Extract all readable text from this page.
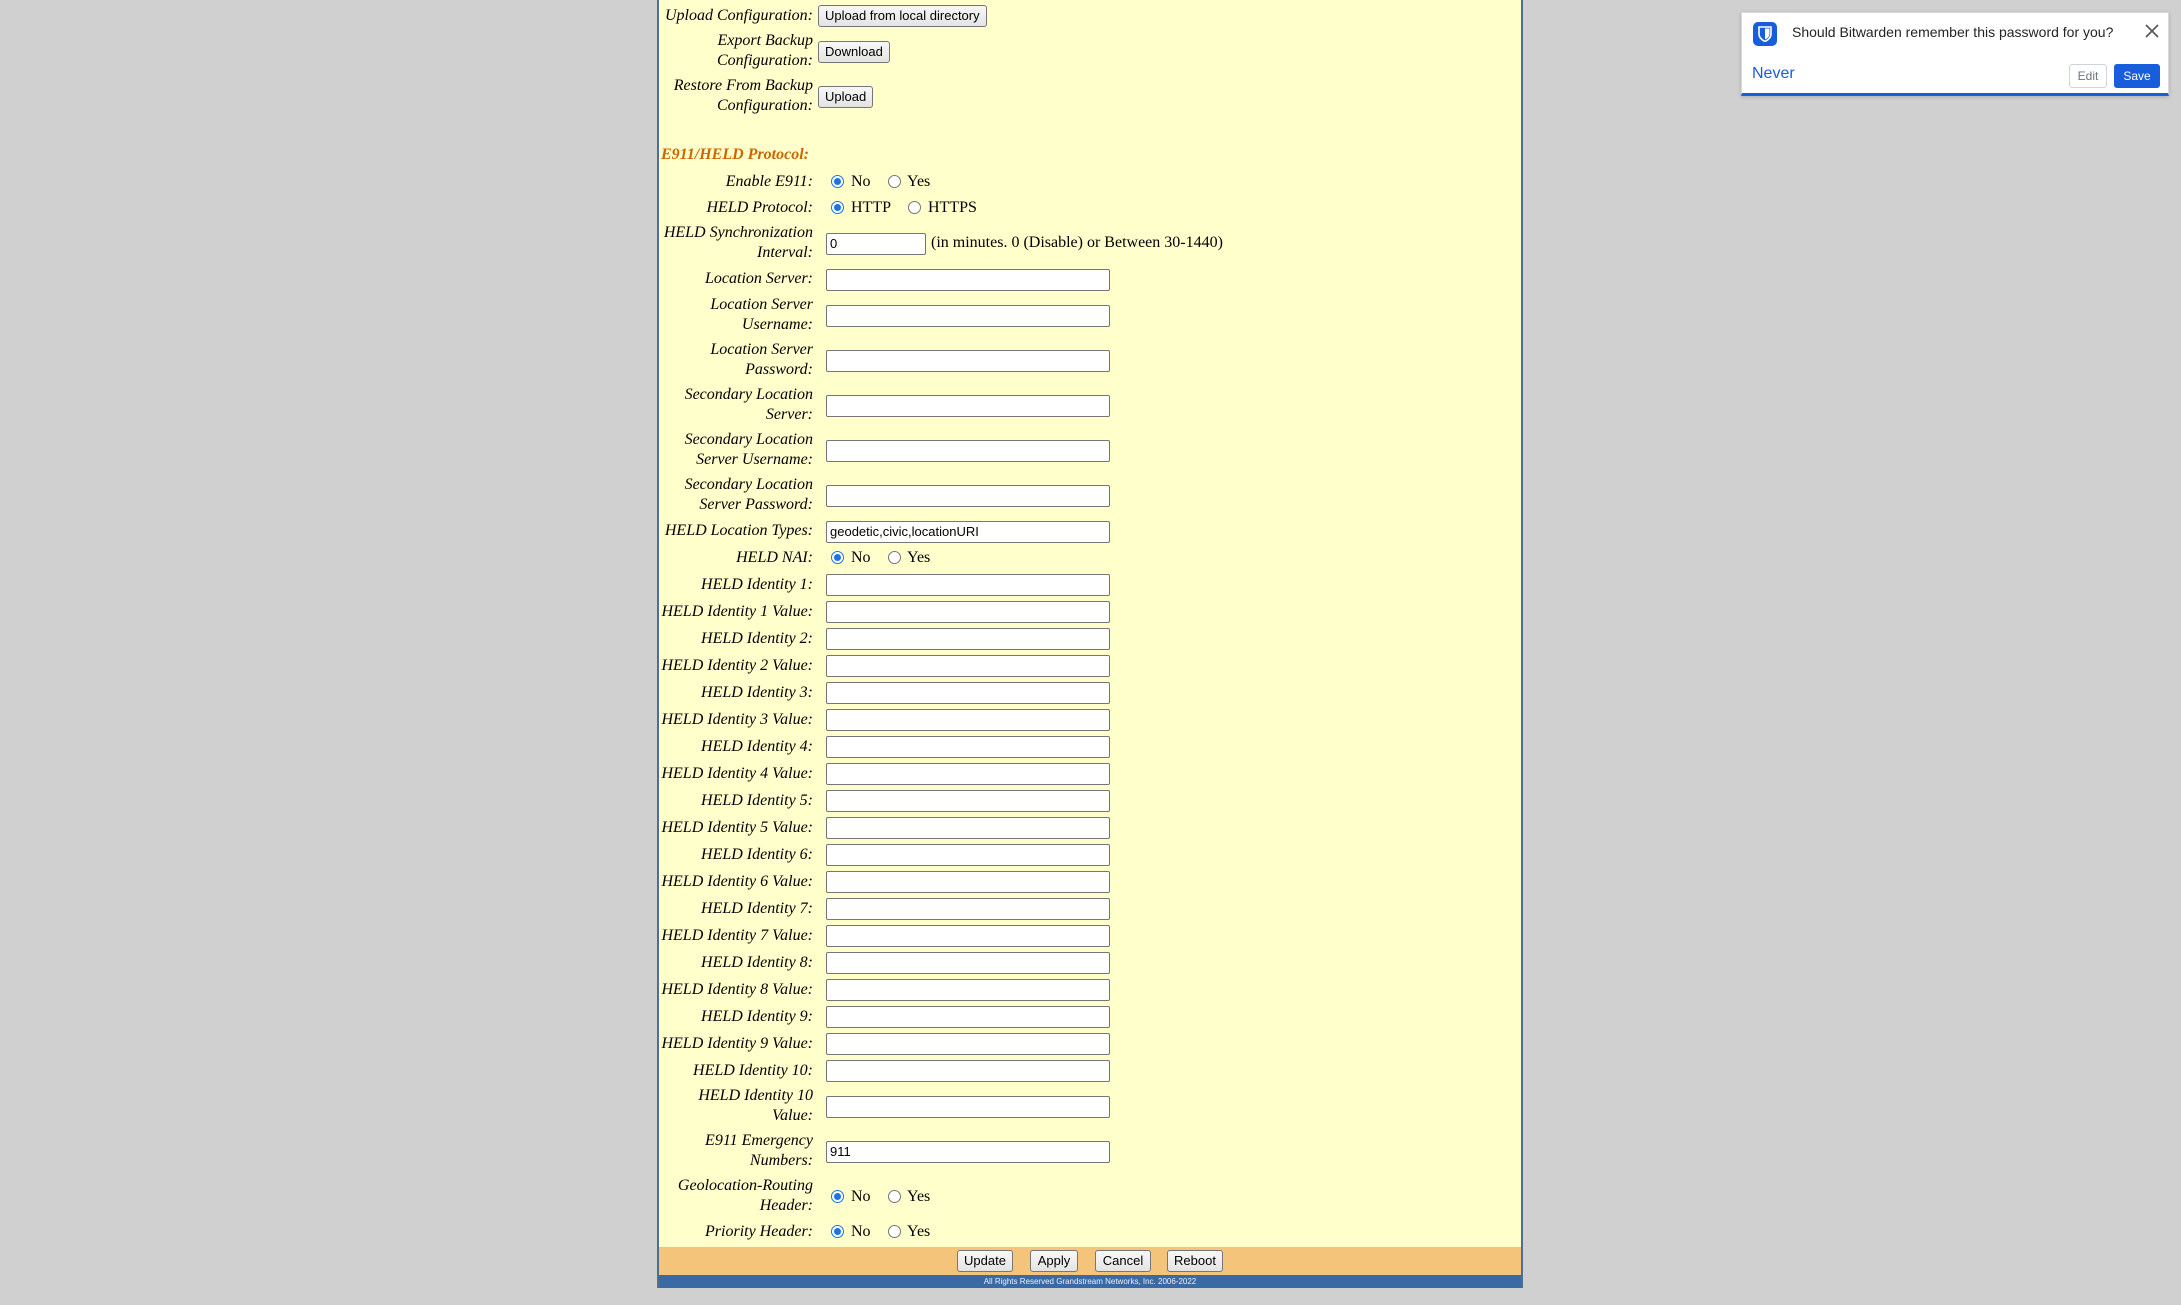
Upload Configuration: Upload from local directory
Export Backup
Configuration: Download
Restore From Backup
Configuration: Upload
E911/HELD Protocol:
Enable E911: No Yes
HELD Protocol: HTTP HTTPS
HELD Synchronization
Interval:	0	(in minutes. 0 (Disable) or Between 30-1440)
Location Server:
Location Server
Username:
Location Server
Password:
Secondary Location
Server:
Secondary Location
Server Username:
Secondary Location
Server Password:
HELD Location Types:	geodetic,civic,locationURI
HELD NAI: No Yes
HELD Identity 1:
HELD Identity 1 Value:
HELD Identity 2:
HELD Identity 2 Value:
HELD Identity 3:
HELD Identity 3 Value:
HELD Identity 4:
HELD Identity 4 Value:
HELD Identity 5:
HELD Identity 5 Value:
HELD Identity 6:
HELD Identity 6 Value:
HELD Identity 7:
HELD Identity 7 Value:
HELD Identity 8:
HELD Identity 8 Value:
HELD Identity 9:
HELD Identity 9 Value:
HELD Identity 10:
HELD Identity 10
Value:
E911 Emergency
Numbers:	911
Geolocation-Routing
Header: No Yes
Priority Header: No Yes
Update	Apply	Cancel	Reboot
All Rights Reserved Grandstream Networks, Inc. 2006-2022
Should Bitwarden remember this password for you?
Never	Edit	Save
